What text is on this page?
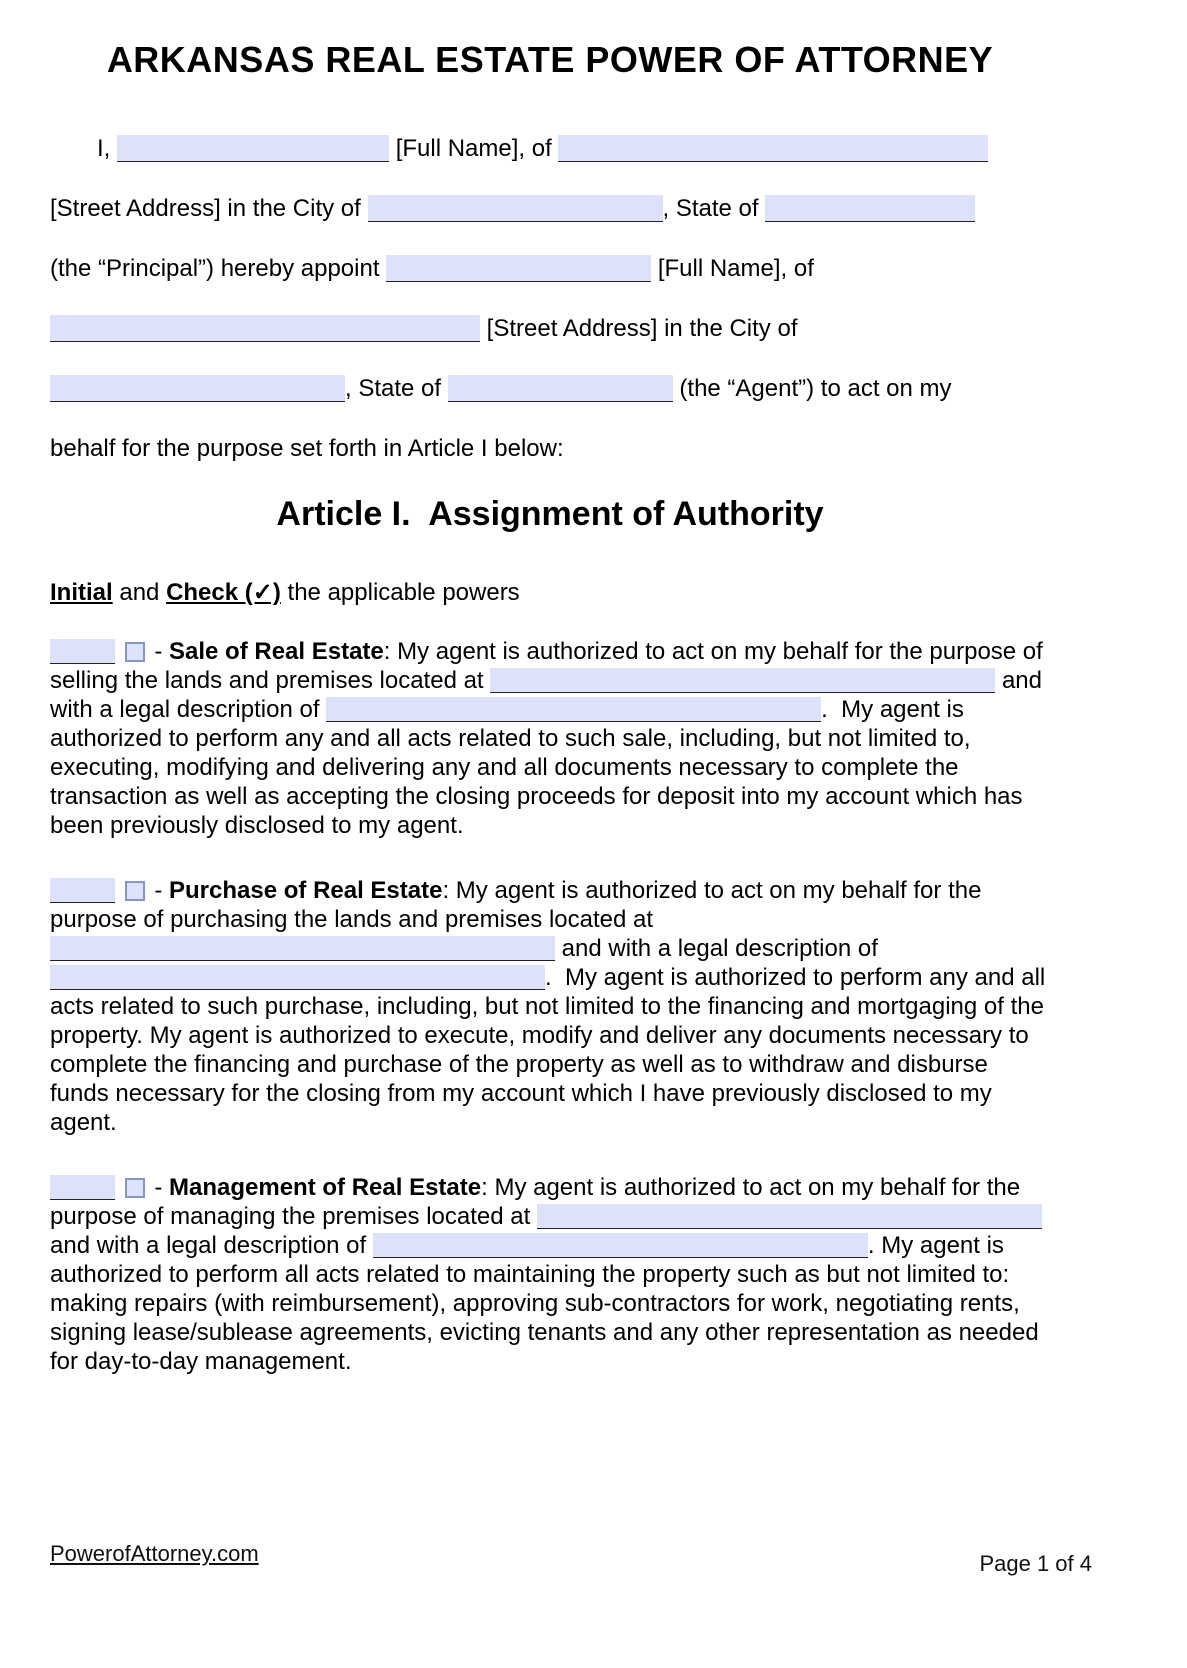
ARKANSAS REAL ESTATE POWER OF ATTORNEY

I,	[Full Name], of

[Street Address] in the City of	, State of

(the “Principal”) hereby appoint	[Full Name], of

[Street Address] in the City of

, State of	(the “Agent”) to act on my

behalf for the purpose set forth in Article I below:

Article I.  Assignment of Authority

Initial and Check (✓) the applicable powers

- Sale of Real Estate: My agent is authorized to act on my behalf for the purpose of selling the lands and premises located at	and with a legal description of	.  My agent is authorized to perform any and all acts related to such sale, including, but not limited to, executing, modifying and delivering any and all documents necessary to complete the transaction as well as accepting the closing proceeds for deposit into my account which has been previously disclosed to my agent.

- Purchase of Real Estate: My agent is authorized to act on my behalf for the purpose of purchasing the lands and premises located at  and with a legal description of .  My agent is authorized to perform any and all acts related to such purchase, including, but not limited to the financing and mortgaging of the property. My agent is authorized to execute, modify and deliver any documents necessary to complete the financing and purchase of the property as well as to withdraw and disburse funds necessary for the closing from my account which I have previously disclosed to my agent.

- Management of Real Estate: My agent is authorized to act on my behalf for the purpose of managing the premises located at  and with a legal description of	. My agent is authorized to perform all acts related to maintaining the property such as but not limited to: making repairs (with reimbursement), approving sub-contractors for work, negotiating rents, signing lease/sublease agreements, evicting tenants and any other representation as needed for day-to-day management.

PowerofAttorney.com	Page 1 of 4
